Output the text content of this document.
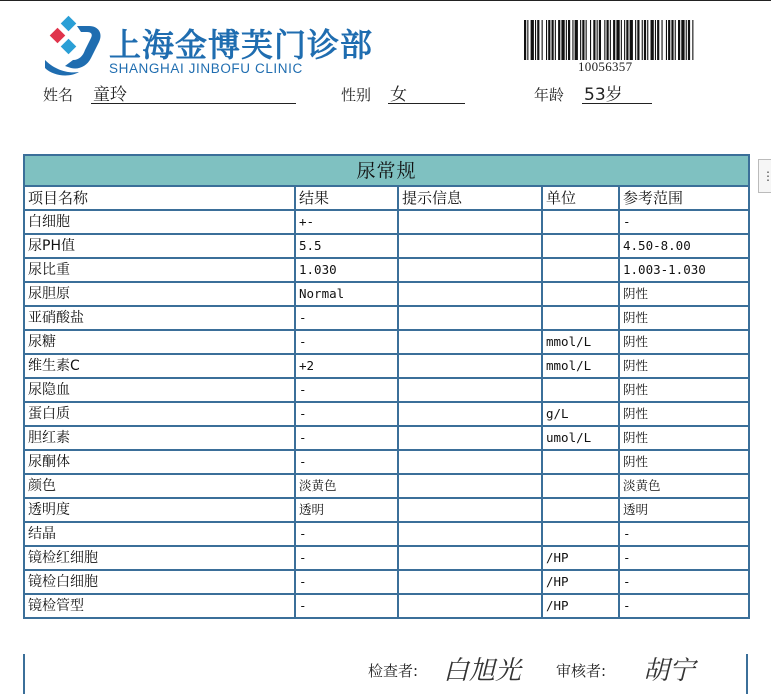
上海金博芙门诊部
SHANGHAI JINBOFU CLINIC	10056357
姓名 童玲	性别 女	年龄 53岁
⋮
尿常规				
项目名称	结果	提示信息	单位	参考范围
白细胞	+-			-
尿PH值	5.5			4.50-8.00
尿比重	1.030			1.003-1.030
尿胆原	Normal			阴性
亚硝酸盐	-			阴性
尿糖	-		mmol/L	阴性
维生素C	+2		mmol/L	阴性
尿隐血	-			阴性
蛋白质	-		g/L	阴性
胆红素	-		umol/L	阴性
尿酮体	-			阴性
颜色	淡黄色			淡黄色
透明度	透明			透明
结晶	-			-
镜检红细胞	-		/HP	-
镜检白细胞	-		/HP	-
镜检管型	-		/HP	-
检查者: 白旭光 审核者: 胡宁
